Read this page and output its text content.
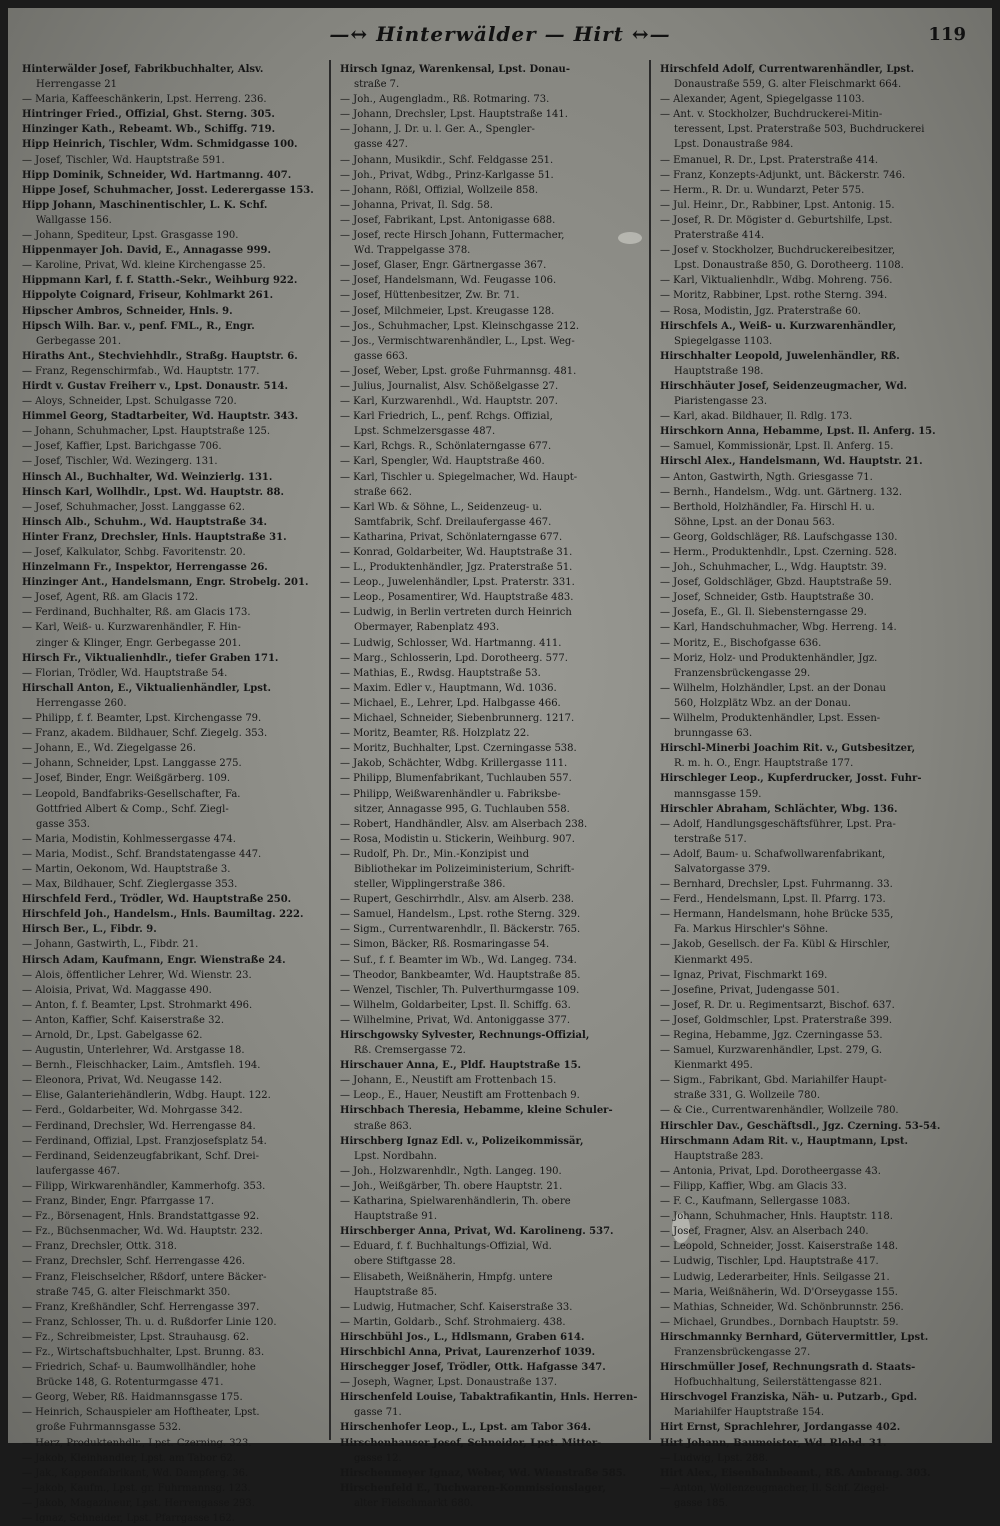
—↔ Hinterwälder — Hirt ↔—	119
Hinterwälder Josef, Fabrikbuchhalter, Alsv.
Herrengasse 21
— Maria, Kaffeeschänkerin, Lpst. Herreng. 236.
Hintringer Fried., Offizial, Ghst. Sterng. 305.
Hinzinger Kath., Rebeamt. Wb., Schiffg. 719.
Hipp Heinrich, Tischler, Wdm. Schmidgasse 100.
— Josef, Tischler, Wd. Hauptstraße 591.
Hipp Dominik, Schneider, Wd. Hartmanng. 407.
Hippe Josef, Schuhmacher, Josst. Lederergasse 153.
Hipp Johann, Maschinentischler, L. K. Schf.
Wallgasse 156.
— Johann, Spediteur, Lpst. Grasgasse 190.
Hippenmayer Joh. David, E., Annagasse 999.
— Karoline, Privat, Wd. kleine Kirchengasse 25.
Hippmann Karl, f. f. Statth.-Sekr., Weihburg 922.
Hippolyte Coignard, Friseur, Kohlmarkt 261.
Hipscher Ambros, Schneider, Hnls. 9.
Hipsch Wilh. Bar. v., penf. FML., R., Engr.
Gerbegasse 201.
Hiraths Ant., Stechviehhdlr., Straßg. Hauptstr. 6.
— Franz, Regenschirmfab., Wd. Hauptstr. 177.
Hirdt v. Gustav Freiherr v., Lpst. Donaustr. 514.
— Aloys, Schneider, Lpst. Schulgasse 720.
Himmel Georg, Stadtarbeiter, Wd. Hauptstr. 343.
— Johann, Schuhmacher, Lpst. Hauptstraße 125.
— Josef, Kaffier, Lpst. Barichgasse 706.
— Josef, Tischler, Wd. Wezingerg. 131.
Hinsch Al., Buchhalter, Wd. Weinzierlg. 131.
Hinsch Karl, Wollhdlr., Lpst. Wd. Hauptstr. 88.
— Josef, Schuhmacher, Josst. Langgasse 62.
Hinsch Alb., Schuhm., Wd. Hauptstraße 34.
Hinter Franz, Drechsler, Hnls. Hauptstraße 31.
— Josef, Kalkulator, Schbg. Favoritenstr. 20.
Hinzelmann Fr., Inspektor, Herrengasse 26.
Hinzinger Ant., Handelsmann, Engr. Strobelg. 201.
— Josef, Agent, Rß. am Glacis 172.
— Ferdinand, Buchhalter, Rß. am Glacis 173.
— Karl, Weiß- u. Kurzwarenhändler, F. Hin-
zinger & Klinger, Engr. Gerbegasse 201.
Hirsch Fr., Viktualienhdlr., tiefer Graben 171.
— Florian, Trödler, Wd. Hauptstraße 54.
Hirschall Anton, E., Viktualienhändler, Lpst.
Herrengasse 260.
— Philipp, f. f. Beamter, Lpst. Kirchengasse 79.
— Franz, akadem. Bildhauer, Schf. Ziegelg. 353.
— Johann, E., Wd. Ziegelgasse 26.
— Johann, Schneider, Lpst. Langgasse 275.
— Josef, Binder, Engr. Weißgärberg. 109.
— Leopold, Bandfabriks-Gesellschafter, Fa.
Gottfried Albert & Comp., Schf. Ziegl-
gasse 353.
— Maria, Modistin, Kohlmessergasse 474.
— Maria, Modist., Schf. Brandstatengasse 447.
— Martin, Oekonom, Wd. Hauptstraße 3.
— Max, Bildhauer, Schf. Zieglergasse 353.
Hirschfeld Ferd., Trödler, Wd. Hauptstraße 250.
Hirschfeld Joh., Handelsm., Hnls. Baumiltag. 222.
Hirsch Ber., L., Fibdr. 9.
— Johann, Gastwirth, L., Fibdr. 21.
Hirsch Adam, Kaufmann, Engr. Wienstraße 24.
— Alois, öffentlicher Lehrer, Wd. Wienstr. 23.
— Aloisia, Privat, Wd. Maggasse 490.
— Anton, f. f. Beamter, Lpst. Strohmarkt 496.
— Anton, Kaffier, Schf. Kaiserstraße 32.
— Arnold, Dr., Lpst. Gabelgasse 62.
— Augustin, Unterlehrer, Wd. Arstgasse 18.
— Bernh., Fleischhacker, Laim., Amtsfleh. 194.
— Eleonora, Privat, Wd. Neugasse 142.
— Elise, Galanteriehändlerin, Wdbg. Haupt. 122.
— Ferd., Goldarbeiter, Wd. Mohrgasse 342.
— Ferdinand, Drechsler, Wd. Herrengasse 84.
— Ferdinand, Offizial, Lpst. Franzjosefsplatz 54.
— Ferdinand, Seidenzeugfabrikant, Schf. Drei-
laufergasse 467.
— Filipp, Wirkwarenhändler, Kammerhofg. 353.
— Franz, Binder, Engr. Pfarrgasse 17.
— Fz., Börsenagent, Hnls. Brandstattgasse 92.
— Fz., Büchsenmacher, Wd. Wd. Hauptstr. 232.
— Franz, Drechsler, Ottk. 318.
— Franz, Drechsler, Schf. Herrengasse 426.
— Franz, Fleischselcher, Rßdorf, untere Bäcker-
straße 745, G. alter Fleischmarkt 350.
— Franz, Kreßhändler, Schf. Herrengasse 397.
— Franz, Schlosser, Th. u. d. Rußdorfer Linie 120.
— Fz., Schreibmeister, Lpst. Strauhausg. 62.
— Fz., Wirtschaftsbuchhalter, Lpst. Brunng. 83.
— Friedrich, Schaf- u. Baumwollhändler, hohe
Brücke 148, G. Rotenturmgasse 471.
— Georg, Weber, Rß. Haidmannsgasse 175.
— Heinrich, Schauspieler am Hoftheater, Lpst.
große Fuhrmannsgasse 532.
— Herz, Produktenhdlr., Lpst. Czerning. 323.
— Jakob, Kleinhandler, Lpst. am Tabor 62.
— Jak., Kappenfabrikant, Wd. Dampferg. 36.
— Jakob, Kaufm., Lpst. gr. Fuhrmannsg. 123.
— Jakob, Magazineur, Lpst. Herrengasse 293.
— Ignaz, Schneider, Lpst. Pfarrgasse 162.
Hirsch Ignaz, Warenkensal, Lpst. Donau-
straße 7.
— Joh., Augengladm., Rß. Rotmaring. 73.
— Johann, Drechsler, Lpst. Hauptstraße 141.
— Johann, J. Dr. u. l. Ger. A., Spengler-
gasse 427.
— Johann, Musikdir., Schf. Feldgasse 251.
— Joh., Privat, Wdbg., Prinz-Karlgasse 51.
— Johann, Rößl, Offizial, Wollzeile 858.
— Johanna, Privat, Il. Sdg. 58.
— Josef, Fabrikant, Lpst. Antonigasse 688.
— Josef, recte Hirsch Johann, Futtermacher,
Wd. Trappelgasse 378.
— Josef, Glaser, Engr. Gärtnergasse 367.
— Josef, Handelsmann, Wd. Feugasse 106.
— Josef, Hüttenbesitzer, Zw. Br. 71.
— Josef, Milchmeier, Lpst. Kreugasse 128.
— Jos., Schuhmacher, Lpst. Kleinschgasse 212.
— Jos., Vermischtwarenhändler, L., Lpst. Weg-
gasse 663.
— Josef, Weber, Lpst. große Fuhrmannsg. 481.
— Julius, Journalist, Alsv. Schößelgasse 27.
— Karl, Kurzwarenhdl., Wd. Hauptstr. 207.
— Karl Friedrich, L., penf. Rchgs. Offizial,
Lpst. Schmelzersgasse 487.
— Karl, Rchgs. R., Schönlaterngasse 677.
— Karl, Spengler, Wd. Hauptstraße 460.
— Karl, Tischler u. Spiegelmacher, Wd. Haupt-
straße 662.
— Karl Wb. & Söhne, L., Seidenzeug- u.
Samtfabrik, Schf. Dreilaufergasse 467.
— Katharina, Privat, Schönlaterngasse 677.
— Konrad, Goldarbeiter, Wd. Hauptstraße 31.
— L., Produktenhändler, Jgz. Praterstraße 51.
— Leop., Juwelenhändler, Lpst. Praterstr. 331.
— Leop., Posamentirer, Wd. Hauptstraße 483.
— Ludwig, in Berlin vertreten durch Heinrich
Obermayer, Rabenplatz 493.
— Ludwig, Schlosser, Wd. Hartmanng. 411.
— Marg., Schlosserin, Lpd. Dorotheerg. 577.
— Mathias, E., Rwdsg. Hauptstraße 53.
— Maxim. Edler v., Hauptmann, Wd. 1036.
— Michael, E., Lehrer, Lpd. Halbgasse 466.
— Michael, Schneider, Siebenbrunnerg. 1217.
— Moritz, Beamter, Rß. Holzplatz 22.
— Moritz, Buchhalter, Lpst. Czerningasse 538.
— Jakob, Schächter, Wdbg. Krillergasse 111.
— Philipp, Blumenfabrikant, Tuchlauben 557.
— Philipp, Weißwarenhändler u. Fabriksbe-
sitzer, Annagasse 995, G. Tuchlauben 558.
— Robert, Handhändler, Alsv. am Alserbach 238.
— Rosa, Modistin u. Stickerin, Weihburg. 907.
— Rudolf, Ph. Dr., Min.-Konzipist und
Bibliothekar im Polizeiministerium, Schrift-
steller, Wipplingerstraße 386.
— Rupert, Geschirrhdlr., Alsv. am Alserb. 238.
— Samuel, Handelsm., Lpst. rothe Sterng. 329.
— Sigm., Currentwarenhdlr., Il. Bäckerstr. 765.
— Simon, Bäcker, Rß. Rosmaringasse 54.
— Suf., f. f. Beamter im Wb., Wd. Langeg. 734.
— Theodor, Bankbeamter, Wd. Hauptstraße 85.
— Wenzel, Tischler, Th. Pulverthurmgasse 109.
— Wilhelm, Goldarbeiter, Lpst. Il. Schiffg. 63.
— Wilhelmine, Privat, Wd. Antoniggasse 377.
Hirschgowsky Sylvester, Rechnungs-Offizial,
Rß. Cremsergasse 72.
Hirschauer Anna, E., Pldf. Hauptstraße 15.
— Johann, E., Neustift am Frottenbach 15.
— Leop., E., Hauer, Neustift am Frottenbach 9.
Hirschbach Theresia, Hebamme, kleine Schuler-
straße 863.
Hirschberg Ignaz Edl. v., Polizeikommissär,
Lpst. Nordbahn.
— Joh., Holzwarenhdlr., Ngth. Langeg. 190.
— Joh., Weißgärber, Th. obere Hauptstr. 21.
— Katharina, Spielwarenhändlerin, Th. obere
Hauptstraße 91.
Hirschberger Anna, Privat, Wd. Karolineng. 537.
— Eduard, f. f. Buchhaltungs-Offizial, Wd.
obere Stiftgasse 28.
— Elisabeth, Weißnäherin, Hmpfg. untere
Hauptstraße 85.
— Ludwig, Hutmacher, Schf. Kaiserstraße 33.
— Martin, Goldarb., Schf. Strohmaierg. 438.
Hirschbühl Jos., L., Hdlsmann, Graben 614.
Hirschbichl Anna, Privat, Laurenzerhof 1039.
Hirschegger Josef, Trödler, Ottk. Hafgasse 347.
— Joseph, Wagner, Lpst. Donaustraße 137.
Hirschenfeld Louise, Tabaktrafikantin, Hnls. Herren-
gasse 71.
Hirschenhofer Leop., L., Lpst. am Tabor 364.
Hirschenhauser Josef, Schneider, Lpst. Mitter-
gasse 12.
Hirschenmeyer Ignaz, Weber, Wd. Wienstraße 585.
Hirschenfeld E., Tuchwaren-Kommissionslager,
alter Fleischmarkt 680.
Hirschfeld Adolf, Currentwarenhändler, Lpst.
Donaustraße 559, G. alter Fleischmarkt 664.
— Alexander, Agent, Spiegelgasse 1103.
— Ant. v. Stockholzer, Buchdruckerei-Mitin-
teressent, Lpst. Praterstraße 503, Buchdruckerei
Lpst. Donaustraße 984.
— Emanuel, R. Dr., Lpst. Praterstraße 414.
— Franz, Konzepts-Adjunkt, unt. Bäckerstr. 746.
— Herm., R. Dr. u. Wundarzt, Peter 575.
— Jul. Heinr., Dr., Rabbiner, Lpst. Antonig. 15.
— Josef, R. Dr. Mögister d. Geburtshilfe, Lpst.
Praterstraße 414.
— Josef v. Stockholzer, Buchdruckereibesitzer,
Lpst. Donaustraße 850, G. Dorotheerg. 1108.
— Karl, Viktualienhdlr., Wdbg. Mohreng. 756.
— Moritz, Rabbiner, Lpst. rothe Sterng. 394.
— Rosa, Modistin, Jgz. Praterstraße 60.
Hirschfels A., Weiß- u. Kurzwarenhändler,
Spiegelgasse 1103.
Hirschhalter Leopold, Juwelenhändler, Rß.
Hauptstraße 198.
Hirschhäuter Josef, Seidenzeugmacher, Wd.
Piaristengasse 23.
— Karl, akad. Bildhauer, Il. Rdlg. 173.
Hirschkorn Anna, Hebamme, Lpst. Il. Anferg. 15.
— Samuel, Kommissionär, Lpst. Il. Anferg. 15.
Hirschl Alex., Handelsmann, Wd. Hauptstr. 21.
— Anton, Gastwirth, Ngth. Griesgasse 71.
— Bernh., Handelsm., Wdg. unt. Gärtnerg. 132.
— Berthold, Holzhändler, Fa. Hirschl H. u.
Söhne, Lpst. an der Donau 563.
— Georg, Goldschläger, Rß. Laufschgasse 130.
— Herm., Produktenhdlr., Lpst. Czerning. 528.
— Joh., Schuhmacher, L., Wdg. Hauptstr. 39.
— Josef, Goldschläger, Gbzd. Hauptstraße 59.
— Josef, Schneider, Gstb. Hauptstraße 30.
— Josefa, E., Gl. Il. Siebensterngasse 29.
— Karl, Handschuhmacher, Wbg. Herreng. 14.
— Moritz, E., Bischofgasse 636.
— Moriz, Holz- und Produktenhändler, Jgz.
Franzensbrückengasse 29.
— Wilhelm, Holzhändler, Lpst. an der Donau
560, Holzplätz Wbz. an der Donau.
— Wilhelm, Produktenhändler, Lpst. Essen-
brunngasse 63.
Hirschl-Minerbi Joachim Rit. v., Gutsbesitzer,
R. m. h. O., Engr. Hauptstraße 177.
Hirschleger Leop., Kupferdrucker, Josst. Fuhr-
mannsgasse 159.
Hirschler Abraham, Schlächter, Wbg. 136.
— Adolf, Handlungsgeschäftsführer, Lpst. Pra-
terstraße 517.
— Adolf, Baum- u. Schafwollwarenfabrikant,
Salvatorgasse 379.
— Bernhard, Drechsler, Lpst. Fuhrmanng. 33.
— Ferd., Hendelsmann, Lpst. Il. Pfarrg. 173.
— Hermann, Handelsmann, hohe Brücke 535,
Fa. Markus Hirschler's Söhne.
— Jakob, Gesellsch. der Fa. Kübl & Hirschler,
Kienmarkt 495.
— Ignaz, Privat, Fischmarkt 169.
— Josefine, Privat, Judengasse 501.
— Josef, R. Dr. u. Regimentsarzt, Bischof. 637.
— Josef, Goldmschler, Lpst. Praterstraße 399.
— Regina, Hebamme, Jgz. Czerningasse 53.
— Samuel, Kurzwarenhändler, Lpst. 279, G.
Kienmarkt 495.
— Sigm., Fabrikant, Gbd. Mariahilfer Haupt-
straße 331, G. Wollzeile 780.
— & Cie., Currentwarenhändler, Wollzeile 780.
Hirschler Dav., Geschäftsdl., Jgz. Czerning. 53-54.
Hirschmann Adam Rit. v., Hauptmann, Lpst.
Hauptstraße 283.
— Antonia, Privat, Lpd. Dorotheergasse 43.
— Filipp, Kaffier, Wbg. am Glacis 33.
— F. C., Kaufmann, Sellergasse 1083.
— Johann, Schuhmacher, Hnls. Hauptstr. 118.
— Josef, Fragner, Alsv. an Alserbach 240.
— Leopold, Schneider, Josst. Kaiserstraße 148.
— Ludwig, Tischler, Lpd. Hauptstraße 417.
— Ludwig, Lederarbeiter, Hnls. Seilgasse 21.
— Maria, Weißnäherin, Wd. D'Orseygasse 155.
— Mathias, Schneider, Wd. Schönbrunnstr. 256.
— Michael, Grundbes., Dornbach Hauptstr. 59.
Hirschmannky Bernhard, Gütervermittler, Lpst.
Franzensbrückengasse 27.
Hirschmüller Josef, Rechnungsrath d. Staats-
Hofbuchhaltung, Seilerstättengasse 821.
Hirschvogel Franziska, Näh- u. Putzarb., Gpd.
Mariahilfer Hauptstraße 154.
Hirt Ernst, Sprachlehrer, Jordangasse 402.
Hirt Johann, Baumeister, Wd. Rlebd. 31.
— Ludwig, Lpst. 288.
Hirt Alex., Eisenbahnbeamt., Rß. Ambrang. 303.
— Anton, Wollenzeugmacher, Il. Schf. Ziegel-
gasse 185.
